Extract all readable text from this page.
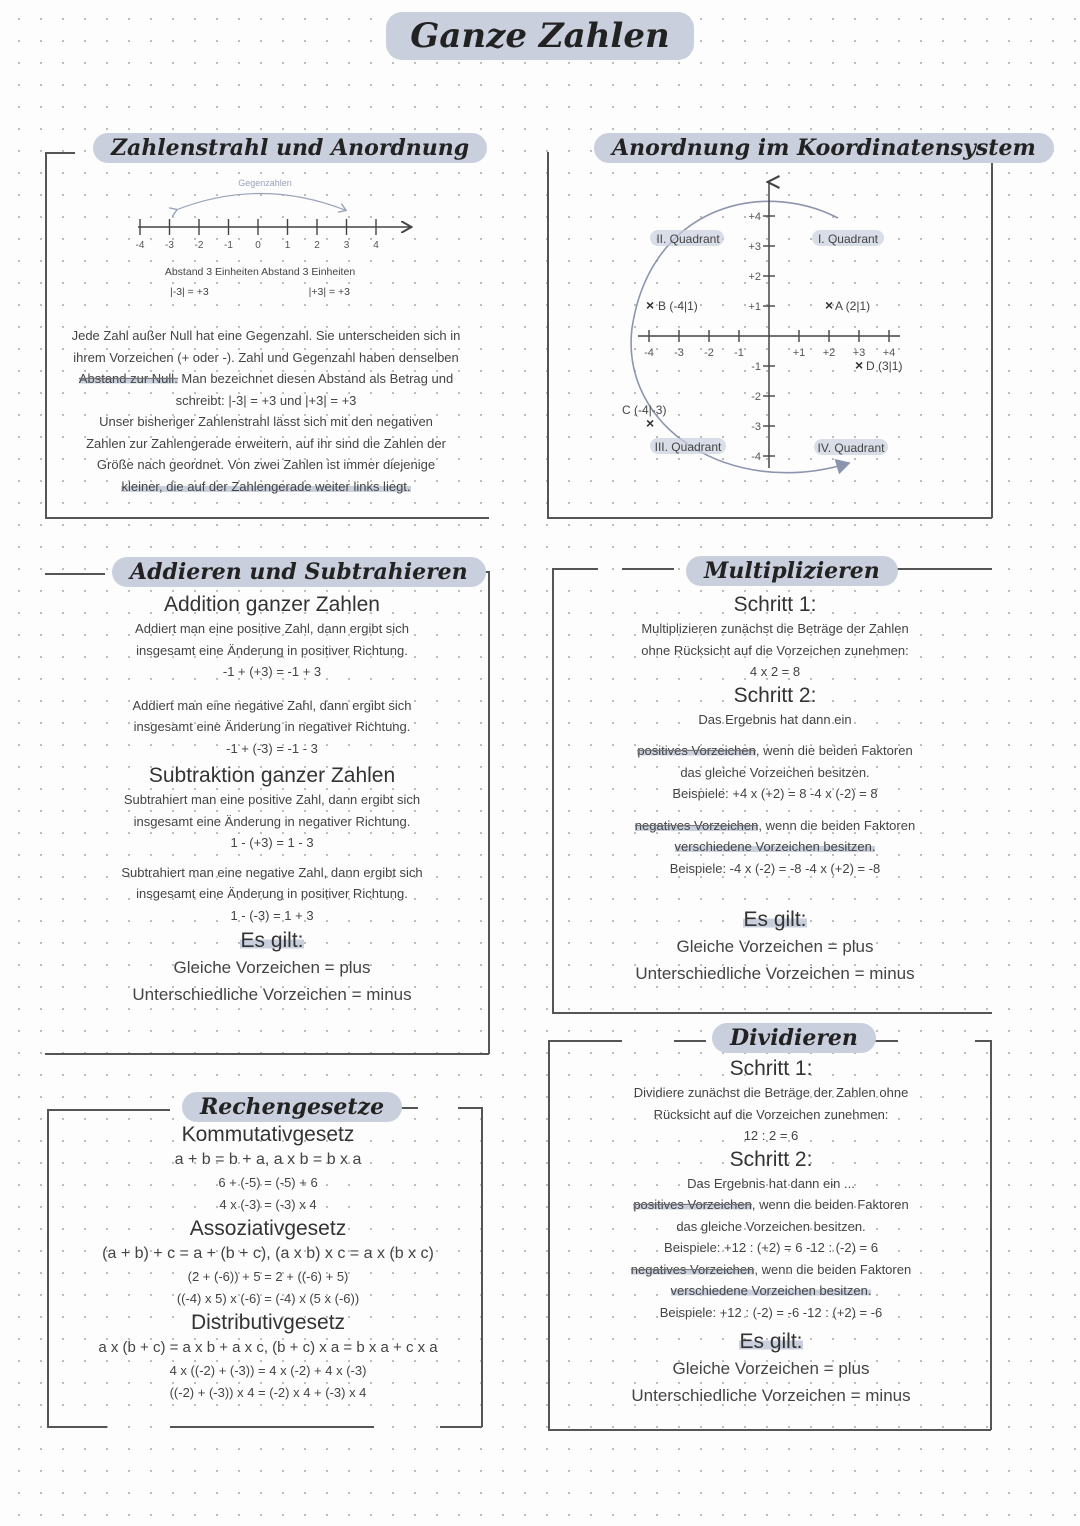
Ganze Zahlen
Zahlenstrahl und Anordnung
Gegenzahlen
-4 -3 -2 -1 0 1 2 3 4
Abstand 3 Einheiten Abstand 3 Einheiten
|-3| = +3	|+3| = +3
Jede Zahl außer Null hat eine Gegenzahl. Sie unterscheiden sich in
ihrem Vorzeichen (+ oder -). Zahl und Gegenzahl haben denselben
Abstand zur Null. Man bezeichnet diesen Abstand als Betrag und
schreibt: |-3| = +3 und |+3| = +3
Unser bisheriger Zahlenstrahl lässt sich mit den negativen
Zahlen zur Zahlengerade erweitern, auf ihr sind die Zahlen der
Größe nach geordnet. Von zwei Zahlen ist immer diejenige
kleiner, die auf der Zahlengerade weiter links liegt.
Anordnung im Koordinatensystem
-4 -3 -2 -1	+1 +2 +3 +4
+4
+3
+2
+1
-1
-2
-3
-4
II. Quadrant	I. Quadrant
III. Quadrant	IV. Quadrant
× B (-4|1)	× A (2|1)
× D (3|1)
C (-4|-3)
×
Addieren und Subtrahieren
Addition ganzer Zahlen
Addiert man eine positive Zahl, dann ergibt sich
insgesamt eine Änderung in positiver Richtung.
-1 + (+3) = -1 + 3
Addiert man eine negative Zahl, dann ergibt sich
insgesamt eine Änderung in negativer Richtung.
-1 + (-3) = -1 - 3
Subtraktion ganzer Zahlen
Subtrahiert man eine positive Zahl, dann ergibt sich
insgesamt eine Änderung in negativer Richtung.
1 - (+3) = 1 - 3
Subtrahiert man eine negative Zahl, dann ergibt sich
insgesamt eine Änderung in positiver Richtung.
1 - (-3) = 1 + 3
Es gilt:
Gleiche Vorzeichen = plus
Unterschiedliche Vorzeichen = minus
Multiplizieren
Schritt 1:
Multiplizieren zunächst die Beträge der Zahlen
ohne Rücksicht auf die Vorzeichen zunehmen:
4 x 2 = 8
Schritt 2:
Das Ergebnis hat dann ein
positives Vorzeichen, wenn die beiden Faktoren
das gleiche Vorzeichen besitzen.
Beispiele: +4 x (+2) = 8 -4 x (-2) = 8
negatives Vorzeichen, wenn die beiden Faktoren
verschiedene Vorzeichen besitzen.
Beispiele: -4 x (-2) = -8 -4 x (+2) = -8
Es gilt:
Gleiche Vorzeichen = plus
Unterschiedliche Vorzeichen = minus
Rechengesetze
Kommutativgesetz
a + b = b + a, a x b = b x a
6 + (-5) = (-5) + 6
4 x (-3) = (-3) x 4
Assoziativgesetz
(a + b) + c = a + (b + c), (a x b) x c = a x (b x c)
(2 + (-6)) + 5 = 2 + ((-6) + 5)
((-4) x 5) x (-6) = (-4) x (5 x (-6))
Distributivgesetz
a x (b + c) = a x b + a x c, (b + c) x a = b x a + c x a
4 x ((-2) + (-3)) = 4 x (-2) + 4 x (-3)
((-2) + (-3)) x 4 = (-2) x 4 + (-3) x 4
Dividieren
Schritt 1:
Dividiere zunächst die Beträge der Zahlen ohne
Rücksicht auf die Vorzeichen zunehmen:
12 : 2 = 6
Schritt 2:
Das Ergebnis hat dann ein ...
positives Vorzeichen, wenn die beiden Faktoren
das gleiche Vorzeichen besitzen.
Beispiele: +12 : (+2) = 6 -12 : (-2) = 6
negatives Vorzeichen, wenn die beiden Faktoren
verschiedene Vorzeichen besitzen.
Beispiele: +12 : (-2) = -6 -12 : (+2) = -6
Es gilt:
Gleiche Vorzeichen = plus
Unterschiedliche Vorzeichen = minus
